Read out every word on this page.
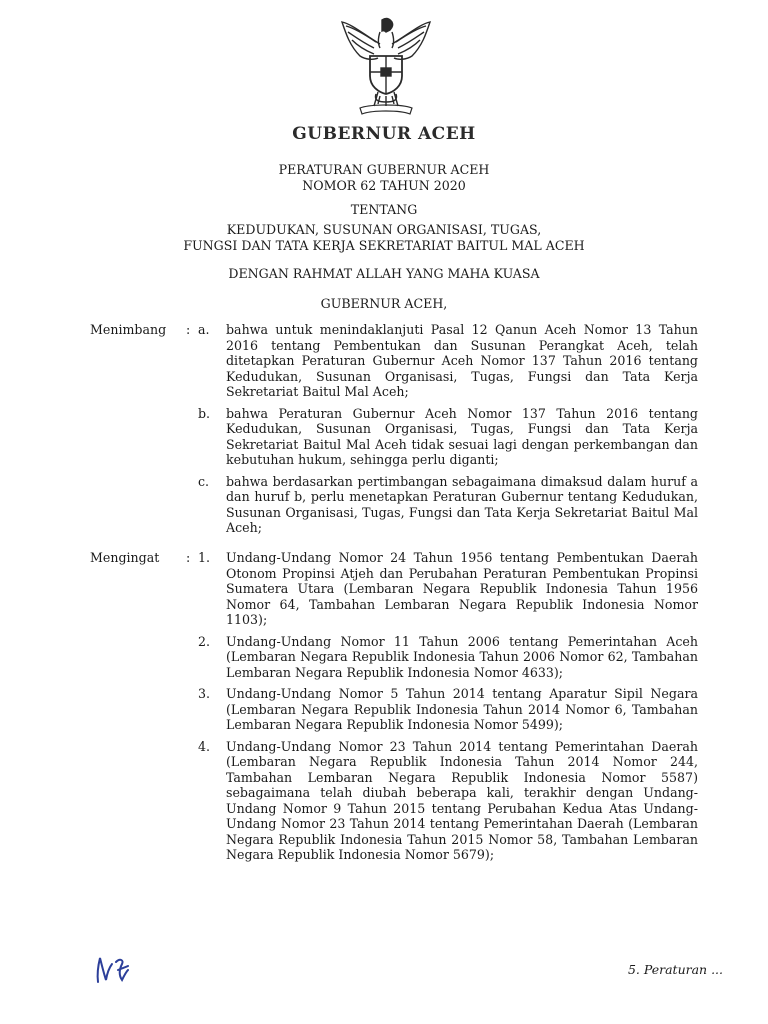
GUBERNUR ACEH
PERATURAN GUBERNUR ACEH
NOMOR 62 TAHUN 2020
TENTANG
KEDUDUKAN, SUSUNAN ORGANISASI, TUGAS,
FUNGSI DAN TATA KERJA SEKRETARIAT BAITUL MAL ACEH
DENGAN RAHMAT ALLAH YANG MAHA KUASA
GUBERNUR ACEH,
Menimbang : a.	bahwa untuk menindaklanjuti Pasal 12 Qanun Aceh Nomor 13 Tahun 2016 tentang Pembentukan dan Susunan Perangkat Aceh, telah ditetapkan Peraturan Gubernur Aceh Nomor 137 Tahun 2016 tentang Kedudukan, Susunan Organisasi, Tugas, Fungsi dan Tata Kerja Sekretariat Baitul Mal Aceh;
b.	bahwa Peraturan Gubernur Aceh Nomor 137 Tahun 2016 tentang Kedudukan, Susunan Organisasi, Tugas, Fungsi dan Tata Kerja Sekretariat Baitul Mal Aceh tidak sesuai lagi dengan perkembangan dan kebutuhan hukum, sehingga perlu diganti;
c.	bahwa berdasarkan pertimbangan sebagaimana dimaksud dalam huruf a dan huruf b, perlu menetapkan Peraturan Gubernur tentang Kedudukan, Susunan Organisasi, Tugas, Fungsi dan Tata Kerja Sekretariat Baitul Mal Aceh;
Mengingat : 1.	Undang-Undang Nomor 24 Tahun 1956 tentang Pembentukan Daerah Otonom Propinsi Atjeh dan Perubahan Peraturan Pembentukan Propinsi Sumatera Utara (Lembaran Negara Republik Indonesia Tahun 1956 Nomor 64, Tambahan Lembaran Negara Republik Indonesia Nomor 1103);
2.	Undang-Undang Nomor 11 Tahun 2006 tentang Pemerintahan Aceh (Lembaran Negara Republik Indonesia Tahun 2006 Nomor 62, Tambahan Lembaran Negara Republik Indonesia Nomor 4633);
3.	Undang-Undang Nomor 5 Tahun 2014 tentang Aparatur Sipil Negara (Lembaran Negara Republik Indonesia Tahun 2014 Nomor 6, Tambahan Lembaran Negara Republik Indonesia Nomor 5499);
4.	Undang-Undang Nomor 23 Tahun 2014 tentang Pemerintahan Daerah (Lembaran Negara Republik Indonesia Tahun 2014 Nomor 244, Tambahan Lembaran Negara Republik Indonesia Nomor 5587) sebagaimana telah diubah beberapa kali, terakhir dengan Undang-Undang Nomor 9 Tahun 2015 tentang Perubahan Kedua Atas Undang-Undang Nomor 23 Tahun 2014 tentang Pemerintahan Daerah (Lembaran Negara Republik Indonesia Tahun 2015 Nomor 58, Tambahan Lembaran Negara Republik Indonesia Nomor 5679);
5. Peraturan ...
